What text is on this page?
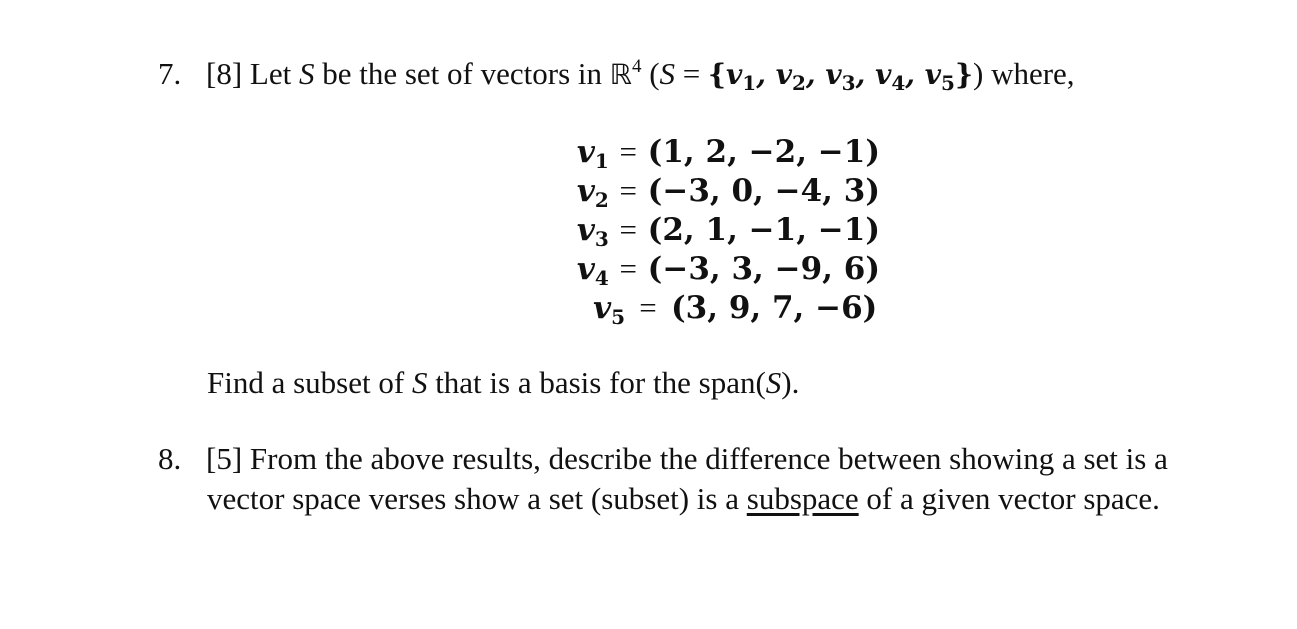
7. [8] Let S be the set of vectors in ℝ$^4$ ($S = \{v_1$, $v_2$, $v_3$, $v_4$, $v_5$}) where,
$v_1 = (1$, 2, −2, −1)
$v_2 = (-3$, 0, −4, 3)
$v_3 = (2$, 1, −1, −1)
$v_4 = (-3$, 3, −9, 6)
$v_5 = (3$, 9, 7, −6)
Find a subset of S that is a basis for the span(S).
8. [5] From the above results, describe the difference between showing a set is a
vector space verses show a set (subset) is a subspace of a given vector space.
